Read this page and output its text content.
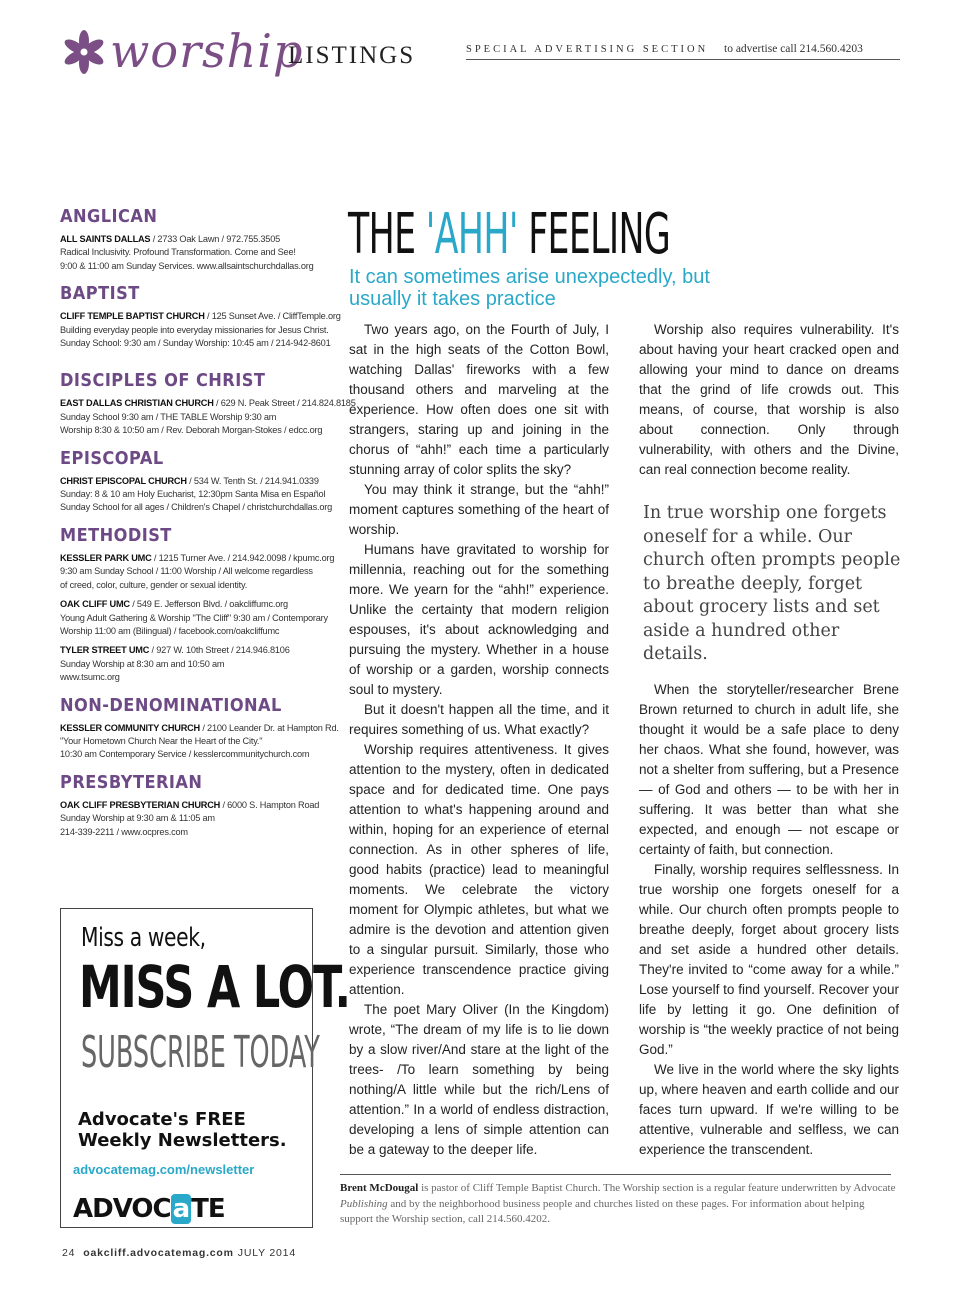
worship
LISTINGS	SPECIAL ADVERTISING SECTION to advertise call 214.560.4203
ANGLICAN
ALL SAINTS DALLAS / 2733 Oak Lawn / 972.755.3505
Radical Inclusivity. Profound Transformation. Come and See!
9:00 & 11:00 am Sunday Services. www.allsaintschurchdallas.org
BAPTIST
CLIFF TEMPLE BAPTIST CHURCH / 125 Sunset Ave. / CliffTemple.org
Building everyday people into everyday missionaries for Jesus Christ.
Sunday School: 9:30 am / Sunday Worship: 10:45 am / 214-942-8601
DISCIPLES OF CHRIST
EAST DALLAS CHRISTIAN CHURCH / 629 N. Peak Street / 214.824.8185
Sunday School 9:30 am / THE TABLE Worship 9:30 am
Worship 8:30 & 10:50 am / Rev. Deborah Morgan-Stokes / edcc.org
EPISCOPAL
CHRIST EPISCOPAL CHURCH / 534 W. Tenth St. / 214.941.0339
Sunday: 8 & 10 am Holy Eucharist, 12:30pm Santa Misa en Español
Sunday School for all ages / Children's Chapel / christchurchdallas.org
METHODIST
KESSLER PARK UMC / 1215 Turner Ave. / 214.942.0098 / kpumc.org
9:30 am Sunday School / 11:00 Worship / All welcome regardless
of creed, color, culture, gender or sexual identity.
OAK CLIFF UMC / 549 E. Jefferson Blvd. / oakcliffumc.org
Young Adult Gathering & Worship "The Cliff" 9:30 am / Contemporary
Worship 11:00 am (Bilingual) / facebook.com/oakcliffumc
TYLER STREET UMC / 927 W. 10th Street / 214.946.8106
Sunday Worship at 8:30 am and 10:50 am
www.tsumc.org
NON-DENOMINATIONAL
KESSLER COMMUNITY CHURCH / 2100 Leander Dr. at Hampton Rd.
"Your Hometown Church Near the Heart of the City."
10:30 am Contemporary Service / kesslercommunitychurch.com
PRESBYTERIAN
OAK CLIFF PRESBYTERIAN CHURCH / 6000 S. Hampton Road
Sunday Worship at 9:30 am & 11:05 am
214-339-2211 / www.ocpres.com
Miss a week,
MISS A LOT.
SUBSCRIBE TODAY
Advocate's FREE
Weekly Newsletters.
advocatemag.com/newsletter
ADVOCaTE
THE 'AHH' FEELING
It can sometimes arise unexpectedly, but usually it takes practice

Two years ago, on the Fourth of July, I sat in the high seats of the Cotton Bowl, watching Dallas' fireworks with a few thousand others and marveling at the experience. How often does one sit with strangers, staring up and joining in the chorus of “ahh!” each time a particularly stunning array of color splits the sky?

You may think it strange, but the “ahh!” moment captures something of the heart of worship.

Humans have gravitated to worship for millennia, reaching out for the something more. We yearn for the “ahh!” experience. Unlike the certainty that modern religion espouses, it's about acknowledging and pursuing the mystery. Whether in a house of worship or a garden, worship connects soul to mystery.

But it doesn't happen all the time, and it requires something of us. What exactly?

Worship requires attentiveness. It gives attention to the mystery, often in dedicated space and for dedicated time. One pays attention to what's happening around and within, hoping for an experience of eternal connection. As in other spheres of life, good habits (practice) lead to meaningful moments. We celebrate the victory moment for Olympic athletes, but what we admire is the devotion and attention given to a singular pursuit. Similarly, those who experience transcendence practice giving attention.

The poet Mary Oliver (In the Kingdom) wrote, “The dream of my life is to lie down by a slow river/And stare at the light of the trees- /To learn something by being nothing/A little while but the rich/Lens of attention.” In a world of endless distraction, developing a lens of simple attention can be a gateway to the deeper life.

Worship also requires vulnerability. It's about having your heart cracked open and allowing your mind to dance on dreams that the grind of life crowds out. This means, of course, that worship is also about connection. Only through vulnerability, with others and the Divine, can real connection become reality.

In true worship one forgets oneself for a while. Our church often prompts people to breathe deeply, forget about grocery lists and set aside a hundred other details.

When the storyteller/researcher Brene Brown returned to church in adult life, she thought it would be a safe place to deny her chaos. What she found, however, was not a shelter from suffering, but a Presence — of God and others — to be with her in suffering. It was better than what she expected, and enough — not escape or certainty of faith, but connection.

Finally, worship requires selflessness. In true worship one forgets oneself for a while. Our church often prompts people to breathe deeply, forget about grocery lists and set aside a hundred other details. They're invited to “come away for a while.” Lose yourself to find yourself. Recover your life by letting it go. One definition of worship is “the weekly practice of not being God.”

We live in the world where the sky lights up, where heaven and earth collide and our faces turn upward. If we're willing to be attentive, vulnerable and selfless, we can experience the transcendent.

Brent McDougal is pastor of Cliff Temple Baptist Church. The Worship section is a regular feature underwritten by Advocate Publishing and by the neighborhood business people and churches listed on these pages. For information about helping support the Worship section, call 214.560.4202.
24 oakcliff.advocatemag.com JULY 2014
